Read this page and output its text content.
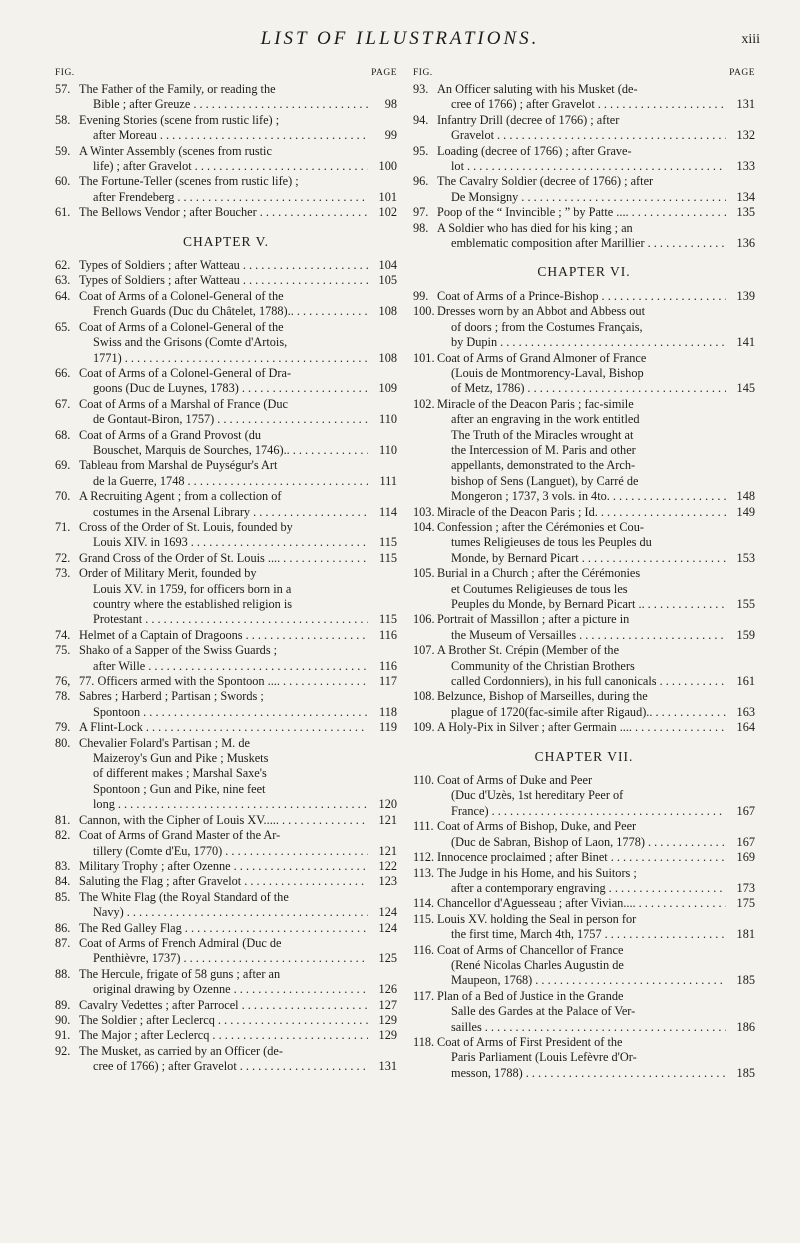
LIST OF ILLUSTRATIONS.	xiii
FIG.	PAGE
57. The Father of the Family, or reading the
Bible ; after Greuze . . .	98
58. Evening Stories (scene from rustic life) ;
after Moreau . . .	99
59. A Winter Assembly (scenes from rustic
life) ; after Gravelot . . .	100
60. The Fortune-Teller (scenes from rustic life) ;
after Frendeberg . . .	101
61. The Bellows Vendor ; after Boucher . . .	102
CHAPTER V.
62. Types of Soldiers ; after Watteau . . .	104
63. Types of Soldiers ; after Watteau . . .	105
64. Coat of Arms of a Colonel-General of the
French Guards (Duc du Châtelet, 1788).. . . .	108
65. Coat of Arms of a Colonel-General of the
Swiss and the Grisons (Comte d'Artois,
1771) . . .	108
66. Coat of Arms of a Colonel-General of Dra-
goons (Duc de Luynes, 1783) . . .	109
67. Coat of Arms of a Marshal of France (Duc
de Gontaut-Biron, 1757) . . .	110
68. Coat of Arms of a Grand Provost (du
Bouschet, Marquis de Sourches, 1746).. . . .	110
69. Tableau from Marshal de Puységur's Art
de la Guerre, 1748 . . .	111
70. A Recruiting Agent ; from a collection of
costumes in the Arsenal Library . . .	114
71. Cross of the Order of St. Louis, founded by
Louis XIV. in 1693 . . .	115
72. Grand Cross of the Order of St. Louis .... . . .	115
73. Order of Military Merit, founded by
Louis XV. in 1759, for officers born in a
country where the established religion is
Protestant . . .	115
74. Helmet of a Captain of Dragoons . . .	116
75. Shako of a Sapper of the Swiss Guards ;
after Wille . . .	116
76, 77. Officers armed with the Spontoon .... . . .	117
78. Sabres ; Harberd ; Partisan ; Swords ;
Spontoon . . .	118
79. A Flint-Lock . . .	119
80. Chevalier Folard's Partisan ; M. de
Maizeroy's Gun and Pike ; Muskets
of different makes ; Marshal Saxe's
Spontoon ; Gun and Pike, nine feet
long . . .	120
81. Cannon, with the Cipher of Louis XV..... . . .	121
82. Coat of Arms of Grand Master of the Ar-
tillery (Comte d'Eu, 1770) . . .	121
83. Military Trophy ; after Ozenne . . .	122
84. Saluting the Flag ; after Gravelot . . .	123
85. The White Flag (the Royal Standard of the
Navy) . . .	124
86. The Red Galley Flag . . .	124
87. Coat of Arms of French Admiral (Duc de
Penthièvre, 1737) . . .	125
88. The Hercule, frigate of 58 guns ; after an
original drawing by Ozenne . . .	126
89. Cavalry Vedettes ; after Parrocel . . .	127
90. The Soldier ; after Leclercq . . .	129
91. The Major ; after Leclercq . . .	129
92. The Musket, as carried by an Officer (de-
cree of 1766) ; after Gravelot . . .	131
FIG.	PAGE
93. An Officer saluting with his Musket (de-
cree of 1766) ; after Gravelot . . .	131
94. Infantry Drill (decree of 1766) ; after
Gravelot . . .	132
95. Loading (decree of 1766) ; after Grave-
lot . . .	133
96. The Cavalry Soldier (decree of 1766) ; after
De Monsigny . . .	134
97. Poop of the “ Invincible ; ” by Patte .... . . .	135
98. A Soldier who has died for his king ; an
emblematic composition after Marillier . . .	136
CHAPTER VI.
99. Coat of Arms of a Prince-Bishop . . .	139
100. Dresses worn by an Abbot and Abbess out
of doors ; from the Costumes Français,
by Dupin . . .	141
101. Coat of Arms of Grand Almoner of France
(Louis de Montmorency-Laval, Bishop
of Metz, 1786) . . .	145
102. Miracle of the Deacon Paris ; fac-simile
after an engraving in the work entitled
The Truth of the Miracles wrought at
the Intercession of M. Paris and other
appellants, demonstrated to the Arch-
bishop of Sens (Languet), by Carré de
Mongeron ; 1737, 3 vols. in 4to. . . .	148
103. Miracle of the Deacon Paris ; Id. . . .	149
104. Confession ; after the Cérémonies et Cou-
tumes Religieuses de tous les Peuples du
Monde, by Bernard Picart . . .	153
105. Burial in a Church ; after the Cérémonies
et Coutumes Religieuses de tous les
Peuples du Monde, by Bernard Picart .. . . .	155
106. Portrait of Massillon ; after a picture in
the Museum of Versailles . . .	159
107. A Brother St. Crépin (Member of the
Community of the Christian Brothers
called Cordonniers), in his full canonicals . . .	161
108. Belzunce, Bishop of Marseilles, during the
plague of 1720(fac-simile after Rigaud).. . . .	163
109. A Holy-Pix in Silver ; after Germain .... . . .	164
CHAPTER VII.
110. Coat of Arms of Duke and Peer
(Duc d'Uzès, 1st hereditary Peer of
France) . . .	167
111. Coat of Arms of Bishop, Duke, and Peer
(Duc de Sabran, Bishop of Laon, 1778) . . .	167
112. Innocence proclaimed ; after Binet . . .	169
113. The Judge in his Home, and his Suitors ;
after a contemporary engraving . . .	173
114. Chancellor d'Aguesseau ; after Vivian.... . . .	175
115. Louis XV. holding the Seal in person for
the first time, March 4th, 1757 . . .	181
116. Coat of Arms of Chancellor of France
(René Nicolas Charles Augustin de
Maupeon, 1768) . . .	185
117. Plan of a Bed of Justice in the Grande
Salle des Gardes at the Palace of Ver-
sailles . . .	186
118. Coat of Arms of First President of the
Paris Parliament (Louis Lefèvre d'Or-
messon, 1788) . . .	185
